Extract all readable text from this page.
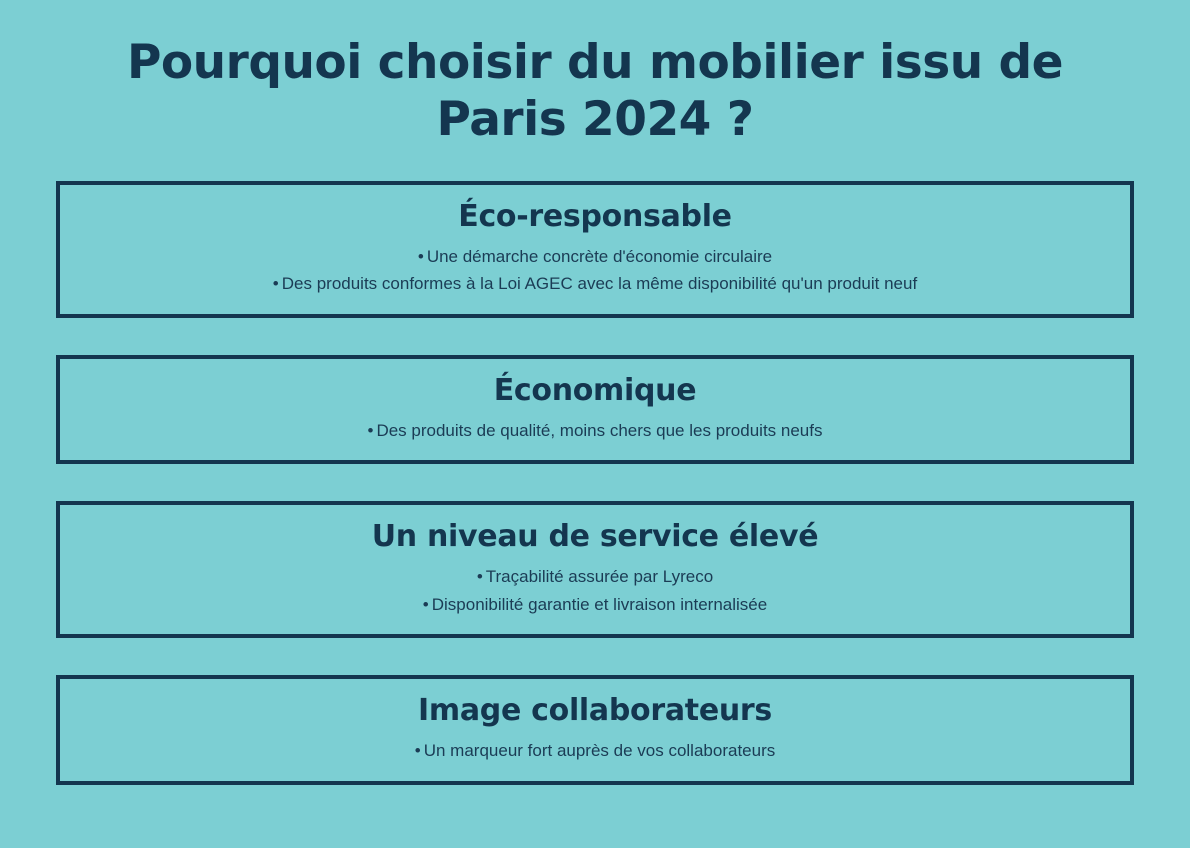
Pourquoi choisir du mobilier issu de Paris 2024 ?
Éco-responsable
• Une démarche concrète d'économie circulaire
• Des produits conformes à la Loi AGEC avec la même disponibilité qu'un produit neuf
Économique
• Des produits de qualité, moins chers que les produits neufs
Un niveau de service élevé
• Traçabilité assurée par Lyreco
• Disponibilité garantie et livraison internalisée
Image collaborateurs
• Un marqueur fort auprès de vos collaborateurs
